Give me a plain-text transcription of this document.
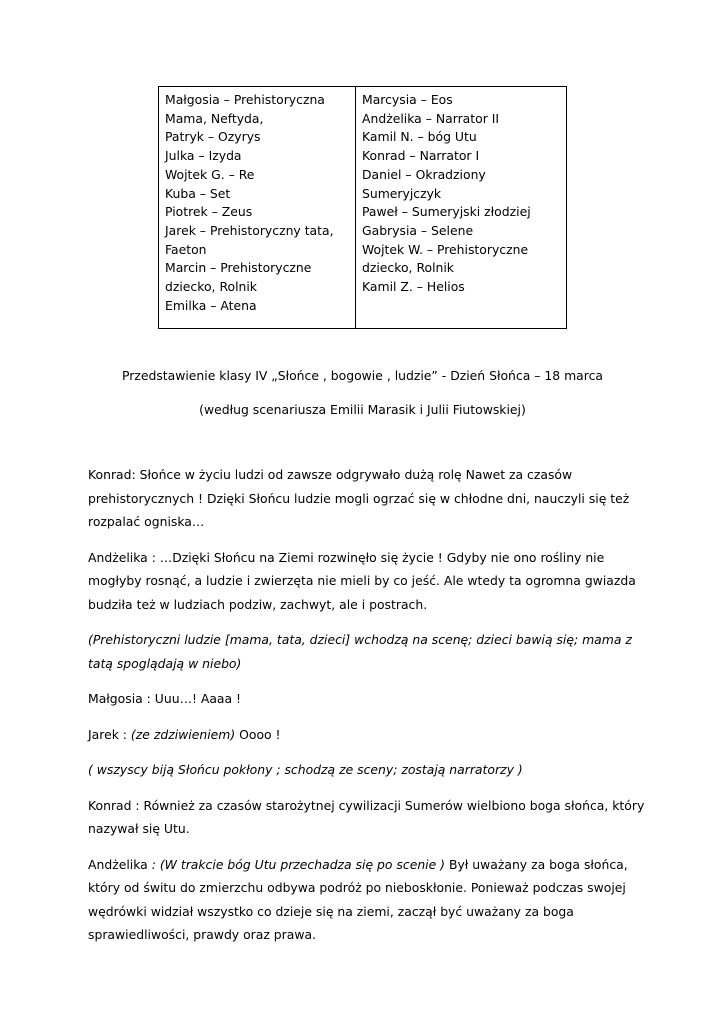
Małgosia – Prehistoryczna
Mama, Neftyda,
Patryk – Ozyrys
Julka – Izyda
Wojtek G. – Re
Kuba – Set
Piotrek – Zeus
Jarek – Prehistoryczny tata,
Faeton
Marcin – Prehistoryczne
dziecko, Rolnik
Emilka – Atena
Marcysia – Eos
Andżelika – Narrator II
Kamil N. – bóg Utu
Konrad – Narrator I
Daniel – Okradziony
Sumeryjczyk
Paweł – Sumeryjski złodziej
Gabrysia – Selene
Wojtek W. – Prehistoryczne
dziecko, Rolnik
Kamil Z. – Helios
Przedstawienie klasy IV „Słońce , bogowie , ludzie” - Dzień Słońca – 18 marca
(według scenariusza Emilii Marasik i Julii Fiutowskiej)

Konrad: Słońce w życiu ludzi od zawsze odgrywało dużą rolę Nawet za czasów prehistorycznych ! Dzięki Słońcu ludzie mogli ogrzać się w chłodne dni, nauczyli się też rozpalać ogniska…

Andżelika : …Dzięki Słońcu na Ziemi rozwinęło się życie ! Gdyby nie ono rośliny nie mogłyby rosnąć, a ludzie i zwierzęta nie mieli by co jeść. Ale wtedy ta ogromna gwiazda budziła też w ludziach podziw, zachwyt, ale i postrach.

(Prehistoryczni ludzie [mama, tata, dzieci] wchodzą na scenę; dzieci bawią się; mama z tatą spoglądają w niebo)

Małgosia : Uuu…! Aaaa !

Jarek : (ze zdziwieniem) Oooo !

( wszyscy biją Słońcu pokłony ; schodzą ze sceny; zostają narratorzy )

Konrad : Również za czasów starożytnej cywilizacji Sumerów wielbiono boga słońca, który nazywał się Utu.

Andżelika : (W trakcie bóg Utu przechadza się po scenie ) Był uważany za boga słońca, który od świtu do zmierzchu odbywa podróż po nieboskłonie. Ponieważ podczas swojej wędrówki widział wszystko co dzieje się na ziemi, zaczął być uważany za boga sprawiedliwości, prawdy oraz prawa.
